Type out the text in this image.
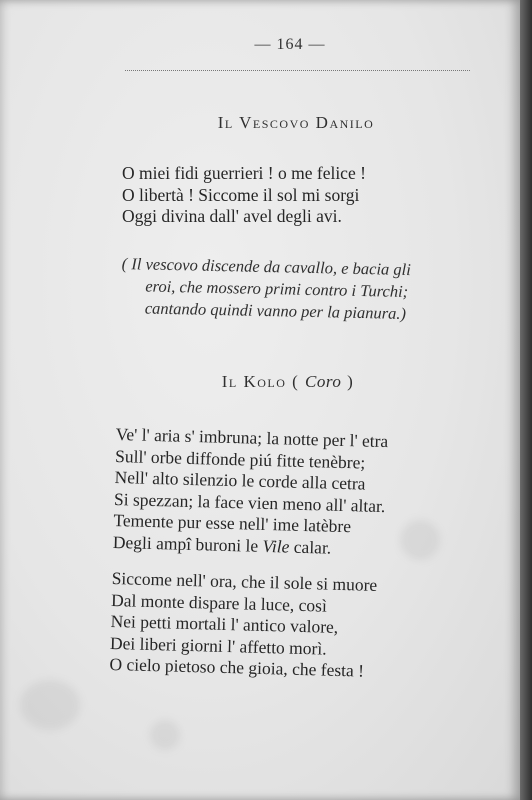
— 164 —
Il Vescovo Danilo
O miei fidi guerrieri ! o me felice !
O libertà ! Siccome il sol mi sorgi
Oggi divina dall' avel degli avi.
( Il vescovo discende da cavallo, e bacia gli
eroi, che mossero primi contro i Turchi;
cantando quindi vanno per la pianura.)
Il Kolo ( Coro )
Ve' l' aria s' imbruna; la notte per l' etra
Sull' orbe diffonde piú fitte tenèbre;
Nell' alto silenzio le corde alla cetra
Si spezzan; la face vien meno all' altar.
Temente pur esse nell' ime latèbre
Degli ampî buroni le Vile calar.
Siccome nell' ora, che il sole si muore
Dal monte dispare la luce, così
Nei petti mortali l' antico valore,
Dei liberi giorni l' affetto morì.
O cielo pietoso che gioia, che festa !
